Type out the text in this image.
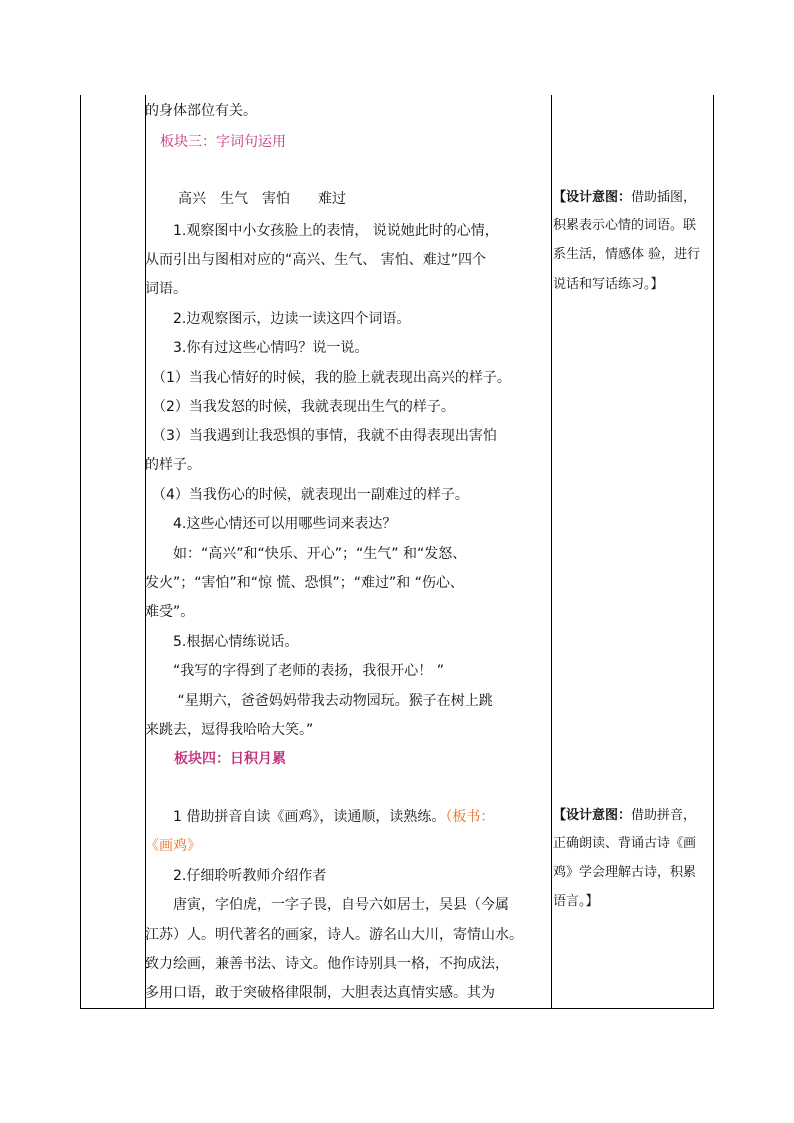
的身体部位有关。
板块三：字词句运用
高兴　生气　害怕　　难过
　　1.观察图中小女孩脸上的表情， 说说她此时的心情，
从而引出与图相对应的“高兴、生气、 害怕、难过”四个
词语。
　　2.边观察图示，边读一读这四个词语。
　　3.你有过这些心情吗？说一说。
　（1）当我心情好的时候，我的脸上就表现出高兴的样子。
　（2）当我发怒的时候，我就表现出生气的样子。
　（3）当我遇到让我恐惧的事情，我就不由得表现出害怕
的样子。
　（4）当我伤心的时候，就表现出一副难过的样子。
　　4.这些心情还可以用哪些词来表达？
　　如：“高兴”和“快乐、开心”；“生气” 和“发怒、
发火”；“害怕”和“惊 慌、恐惧”；“难过”和 “伤心、
难受”。
　　5.根据心情练说话。
　　“我写的字得到了老师的表扬，我很开心！ ”
　　 “星期六，爸爸妈妈带我去动物园玩。猴子在树上跳
来跳去，逗得我哈哈大笑。”
板块四：日积月累
　　1 借助拼音自读《画鸡》，读通顺，读熟练。（板书：
《画鸡》
　　2.仔细聆听教师介绍作者
　　唐寅，字伯虎，一字子畏，自号六如居士，吴县（今属
江苏）人。明代著名的画家，诗人。游名山大川，寄情山水。
致力绘画，兼善书法、诗文。他作诗别具一格，不拘成法，
多用口语，敢于突破格律限制，大胆表达真情实感。其为
【设计意图：借助插图，
积累表示心情的词语。联
系生活，情感体 验，进行
说话和写话练习。】
【设计意图：借助拼音，
正确朗读、背诵古诗《画
鸡》学会理解古诗，积累
语言。】
